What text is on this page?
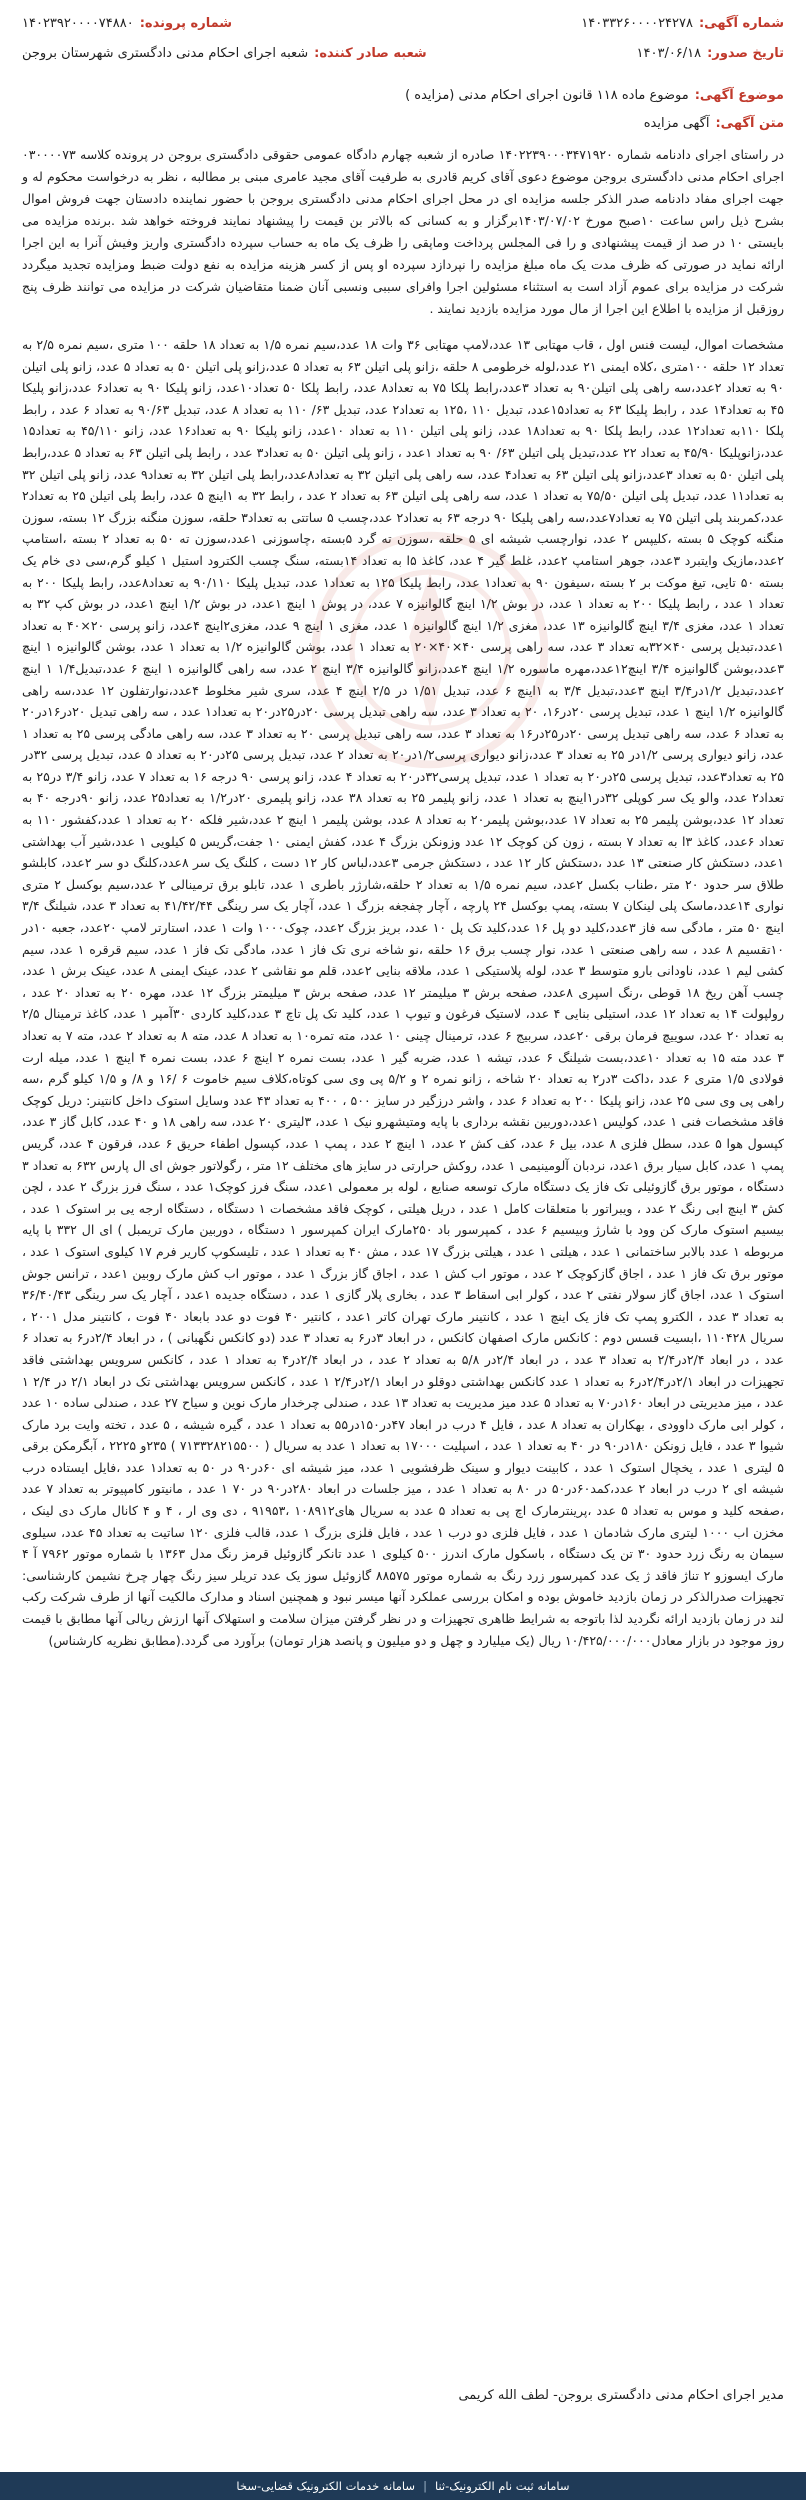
شماره آگهی:
۱۴۰۳۳۲۶۰۰۰۰۲۴۲۷۸
شماره پرونده:
۱۴۰۲۳۹۲۰۰۰۰۷۴۸۸۰
تاریخ صدور:
۱۴۰۳/۰۶/۱۸
شعبه صادر کننده:
شعبه اجرای احکام مدنی دادگستری شهرستان بروجن
موضوع آگهی:
موضوع ماده ۱۱۸ قانون اجرای احکام مدنی (مزایده )
متن آگهی:
آگهی مزایده

در راستای اجرای دادنامه شماره ۱۴۰۲۲۳۹۰۰۰۳۴۷۱۹۲۰ صادره از شعبه چهارم دادگاه عمومی حقوقی دادگستری بروجن در پرونده کلاسه ۰۳۰۰۰۰۷۳ اجرای احکام مدنی دادگستری بروجن موضوع دعوی آقای کریم قادری به طرفیت آقای مجید عامری مبنی بر مطالبه ، نظر به درخواست محکوم له و جهت اجرای مفاد دادنامه صدر الذکر جلسه مزایده ای در محل اجرای احکام مدنی دادگستری بروجن با حضور نماینده دادستان جهت فروش اموال بشرح ذیل راس ساعت ۱۰صبح مورخ ۱۴۰۳/۰۷/۰۲برگزار و به کسانی که بالاتر بن قیمت را پیشنهاد نمایند فروخته خواهد شد .برنده مزایده می بایستی ۱۰ در صد از قیمت پیشنهادی و را فی المجلس پرداخت وماپقی را ظرف یک ماه به حساب سپرده دادگستری واریز وفیش آنرا به این اجرا ارائه نماید در صورتی که ظرف مدت یک ماه مبلغ مزایده را نپردازد سپرده او پس از کسر هزینه مزایده به نفع دولت ضبط ومزایده تجدید میگردد شرکت در مزایده برای عموم آزاد است به استثناء مسئولین اجرا وافرای سببی ونسبی آنان ضمنا متقاضیان شرکت در مزایده می توانند ظرف پنج روزقبل از مزایده با اطلاع این اجرا از مال مورد مزایده بازدید نمایند .

مشخصات اموال، لیست فنس اول ، قاب مهتابی ۱۳ عدد،لامپ مهتابی ۳۶ وات ۱۸ عدد،سیم نمره ۱/۵ به تعداد ۱۸ حلقه ۱۰۰ متری ،سیم نمره ۲/۵ به تعداد ۱۲ حلقه ۱۰۰متری ،کلاه ایمنی ۲۱ عدد،لوله خرطومی ۸ حلقه ،زانو پلی اتیلن ۶۳ به تعداد ۵ عدد،زانو پلی اتیلن ۵۰ به تعداد ۵ عدد، زانو پلی اتیلن ۹۰ به تعداد ۲عدد،سه راهی پلی اتیلن۹۰ به تعداد ۳عدد،رابط پلکا ۷۵ به تعداد۸ عدد، رابط پلکا ۵۰ تعداد۱۰عدد، زانو پلیکا ۹۰ به تعداد۶ عدد،زانو پلیکا ۴۵ به تعداد۱۴ عدد ، رابط پلیکا ۶۳ به تعداد۱۵عدد، تبدیل ۱۱۰ ،۱۲۵ به تعداد۲ عدد، تبدیل ۶۳/ ۱۱۰ به تعداد ۸ عدد، تبدیل ۹۰/۶۳ به تعداد ۶ عدد ، رابط پلکا ۱۱۰به تعداد۱۲ عدد، رابط پلکا ۹۰ به تعداد۱۸ عدد، زانو پلی اتیلن ۱۱۰ به تعداد ۱۰عدد، زانو پلیکا ۹۰ به تعداد۱۶ عدد، زانو ۴۵/۱۱۰ به تعداد۱۵ عدد،زانوپلیکا ۴۵/۹۰ به تعداد ۲۲ عدد،تبدیل پلی اتیلن ۶۳/ ۹۰ به تعداد ۱عدد ، زانو پلی اتیلن ۵۰ به تعداد۳ عدد ، رابط پلی اتیلن ۶۳ به تعداد ۵ عدد،رابط پلی اتیلن ۵۰ به تعداد ۳عدد،زانو پلی اتیلن ۶۳ به تعداد۴ عدد، سه راهی پلی اتیلن ۳۲ به تعداد۸عدد،رابط پلی اتیلن ۳۲ به تعداد۹ عدد، زانو پلی اتیلن ۳۲ به تعداد۱۱ عدد، تبدیل پلی اتیلن ۷۵/۵۰ به تعداد ۱ عدد، سه راهی پلی اتیلن ۶۳ به تعداد ۲ عدد ، رابط ۳۲ به ۱اینچ ۵ عدد، رابط پلی اتیلن ۲۵ به تعداد۲ عدد،کمربند پلی اتیلن ۷۵ به تعداد۷عدد،سه راهی پلیکا ۹۰ درجه ۶۳ به تعداد۲ عدد،چسب ۵ ساتتی به تعداد۳ حلقه، سوزن منگنه بزرگ ۱۲ بسته، سوزن منگنه کوچک ۵ بسته ،کلیپس ۲ عدد، نوارچسب شیشه ای ۵ حلقه ،سوزن ته گرد ۵بسته ،چاسوزنی ۱عدد،سوزن ته ۵۰ به تعداد ۲ بسته ،استامپ ۲عدد،مازیک وایتبرد ۳عدد، جوهر استامپ ۲عدد، غلط گیر ۴ عدد، کاغذ ۵ا به تعداد ۱۴بسته، سنگ چسب الکترود استیل ۱ کیلو گرم،سی دی خام یک بسته ۵۰ تایی، تیغ موکت بر ۲ بسته ،سیفون ۹۰ به تعداد۱ عدد، رابط پلیکا ۱۲۵ به تعداد۱ عدد، تبدیل پلیکا ۹۰/۱۱۰ به تعداد۸عدد، رابط پلیکا ۲۰۰ به تعداد ۱ عدد ، رابط پلیکا ۲۰۰ به تعداد ۱ عدد، در بوش ۱/۲ اینچ گالوانیزه ۷ عدد، در پوش ۱ اینچ ۱عدد، در بوش ۱/۲ اینچ ۱عدد، در بوش کپ ۳۲ به تعداد ۱ عدد، مغزی ۳/۴ اینچ گالوانیزه ۱۳ عدد، مغزی ۱/۲ اینچ گالوانیزه ۱ عدد، مغزی ۱ اینچ ۹ عدد، مغزی۲اینچ ۴عدد، زانو پرسی ۲۰×۴۰ به تعداد ۱عدد،تبدیل پرسی ۴۰×۳۲به تعداد ۳ عدد، سه راهی پرسی ۴۰×۴۰×۲۰ به تعداد ۱ عدد، بوشن گالوانیزه ۱/۲ به تعداد ۱ عدد، بوشن گالوانیزه ۱ اینچ ۳عدد،بوشن گالوانیزه ۳/۴ اینچ۱۲عدد،مهره ماسوره ۱/۲ اینچ ۴عدد،زانو گالوانیزه ۳/۴ اینچ ۲ عدد، سه راهی گالوانیزه ۱ اینچ ۶ عدد،تبدیل۱/۴ ۱ اینچ ۲عدد،تبدیل ۱/۲در۳/۴ اینچ ۳عدد،تبدیل ۳/۴ به ۱اینچ ۶ عدد، تبدیل ۱/۵۱ در ۲/۵ اینچ ۴ عدد، سری شیر مخلوط ۴عدد،نوارتفلون ۱۲ عدد،سه راهی گالوانیزه ۱/۲ اینچ ۱ عدد، تبدیل پرسی ۲۰در۱۶، ۲۰ به تعداد ۳ عدد، سه راهی تبدیل پرسی ۲۰در۲۵در۲۰ به تعداد۱ عدد ، سه راهی تبدیل ۲۰در۱۶در۲۰ به تعداد ۶ عدد، سه راهی تبدیل پرسی ۲۰در۲۵در۱۶ به تعداد ۳ عدد، سه راهی تبدیل پرسی ۲۰ به تعداد ۳ عدد، سه راهی مادگی پرسی ۲۵ به تعداد ۱ عدد، زانو دیواری پرسی ۱/۲در ۲۵ به تعداد ۳ عدد،زانو دیواری پرسی۱/۲در۲۰ به تعداد ۲ عدد، تبدیل پرسی ۲۵در۲۰ به تعداد ۵ عدد، تبدیل پرسی ۳۲در ۲۵ به تعداد۳عدد، تبدیل پرسی ۲۵در۲۰ به تعداد ۱ عدد، تبدیل پرسی۳۲در۲۰ به تعداد ۴ عدد، زانو پرسی ۹۰ درجه ۱۶ به تعداد ۷ عدد، زانو ۳/۴ در۲۵ به تعداد۲ عدد، والو یک سر کوپلی ۳۲در۱اینچ به تعداد ۱ عدد، زانو پلیمر ۲۵ به تعداد ۳۸ عدد، زانو پلیمری ۲۰در۱/۲ به تعداد۲۵ عدد، زانو ۹۰درجه ۴۰ به تعداد ۱۲ عدد،بوشن پلیمر ۲۵ به تعداد ۱۷ عدد،بوشن پلیمر۲۰ به تعداد ۸ عدد، بوشن پلیمر ۱ اینچ ۲ عدد،شیر فلکه ۲۰ به تعداد ۱ عدد،کفشور ۱۱۰ به تعداد ۶عدد، کاغذ ۳ا به تعداد ۷ بسته ، زون کن کوچک ۱۲ عدد وزونکن بزرگ ۴ عدد، کفش ایمنی ۱۰ جفت،گریس ۵ کیلویی ۱ عدد،شیر آب بهداشتی ۱عدد، دستکش کار صنعتی ۱۳ عدد ،دستکش کار ۱۲ عدد ، دستکش جرمی ۳عدد،لباس کار ۱۲ دست ، کلنگ یک سر ۸عدد،کلنگ دو سر ۲عدد، کابلشو طلاق سر حدود ۲۰ متر ،طناب بکسل ۲عدد، سیم نمره ۱/۵ به تعداد ۲ حلقه،شارژر باطری ۱ عدد، تابلو برق ترمینالی ۲ عدد،سیم بوکسل ۲ متری نواری ۱۴عدد،ماسک پلی لینکان ۷ بسته، پمپ بوکسل ۲۴ پارچه ، آچار چفجغه بزرگ ۱ عدد، آچار یک سر رینگی ۴۱/۴۲/۴۴ به تعداد ۳ عدد، شیلنگ ۳/۴ اینچ ۵۰ متر ، مادگی سه فاز ۳عدد،کلید دو پل ۱۶ عدد،کلید تک پل ۱۰ عدد، بریز بزرگ ۲عدد، چوک۱۰۰۰ وات ۱ عدد، استارتر لامپ ۲۰عدد، جعبه ۱۰در ۱۰تقسیم ۸ عدد ، سه راهی صنعتی ۱ عدد، نوار چسب برق ۱۶ حلقه ،نو شاخه نری تک فاز ۱ عدد، مادگی تک فاز ۱ عدد، سیم قرقره ۱ عدد، سیم کشی لیم ۱ عدد، ناودانی بارو متوسط ۳ عدد، لوله پلاستیکی ۱ عدد، ملاقه بنایی ۲عدد، قلم مو نقاشی ۲ عدد، عینک ایمنی ۸ عدد، عینک برش ۱ عدد، چسب آهن ریخ ۱۸ قوطی ،رنگ اسپری ۸عدد، صفحه برش ۳ میلیمتر ۱۲ عدد، صفحه برش ۳ میلیمتر بزرگ ۱۲ عدد، مهره ۲۰ به تعداد ۲۰ عدد ، رولپولت ۱۴ به تعداد ۱۲ عدد، استیلی بنایی ۴ عدد، لاستیک فرغون و تیوپ ۱ عدد، کلید تک پل تاچ ۳ عدد،کلید کاردی ۳۰آمپر ۱ عدد، کاغذ ترمینال ۲/۵ به تعداد ۲۰ عدد، سوییچ فرمان برقی ۲۰عدد، سربیج ۶ عدد، ترمینال چینی ۱۰ عدد، مته تمره۱۰ به تعداد ۸ عدد، مته ۸ به تعداد ۲ عدد، مته ۷ به تعداد ۳ عدد مته ۱۵ به تعداد ۱۰عدد،بست شیلنگ ۶ عدد، تیشه ۱ عدد، ضربه گیر ۱ عدد، بست نمره ۲ اینچ ۶ عدد، بست نمره ۴ اینچ ۱ عدد، میله ارت فولادی ۱/۵ متری ۶ عدد ،داکت ۳در۲ به تعداد ۲۰ شاخه ، زانو نمره ۲ و ۵/۲ پی وی سی کوتاه،کلاف سیم خاموت ۶ /۱۶ و ۸/ و ۱/۵ کیلو گرم ،سه راهی پی وی سی ۲۵ عدد، زانو پلیکا ۲۰۰ به تعداد ۶ عدد ، واشر درزگیر در سایز ۵۰۰ ، ۴۰۰ به تعداد ۴۳ عدد وسایل استوک داخل کانتینر: دریل کوچک فاقد مشخصات فنی ۱ عدد، کولیس ۱عدد،دوربین نقشه برداری با پایه ومتیشهرو نیک ۱ عدد، ۳لیتری ۲۰ عدد، سه راهی ۱۸ و ۴۰ عدد، کابل گاز ۳ عدد، کپسول هوا ۵ عدد، سطل فلزی ۸ عدد، بیل ۶ عدد، کف کش ۲ عدد، ۱ اینچ ۲ عدد ، پمپ ۱ عدد، کپسول اطفاء حریق ۶ عدد، فرقون ۴ عدد، گریس پمپ ۱ عدد، کابل سیار برق ۱عدد، نردبان آلومینیمی ۱ عدد، روکش حرارتی در سایز های مختلف ۱۲ متر ، رگولاتور جوش ای ال پارس ۶۳۲ به تعداد ۳ دستگاه ، موتور برق گازوئیلی تک فاز یک دستگاه مارک توسعه صنایع ، لوله بر معمولی ۱عدد، سنگ فرز کوچک۱ عدد ، سنگ فرز بزرگ ۲ عدد ، لچن کش ۳ اینچ ابی رنگ ۲ عدد ، ویبراتور با متعلقات کامل ۱ عدد ، دریل هیلتی ، کوچک فاقد مشخصات ۱ دستگاه ، دستگاه ارجه یی بر استوک ۱ عدد ، بیسیم استوک مارک کن وود با شارژ وبیسیم ۶ عدد ، کمپرسور باد ۲۵۰مارک ایران کمپرسور ۱ دستگاه ، دوربین مارک تریمبل ) ای ال ۳۳۲ با پایه مربوطه ۱ عدد بالابر ساختمانی ۱ عدد ، هیلتی ۱ عدد ، هیلتی بزرگ ۱۷ عدد ، مش ۴۰ به تعداد ۱ عدد ، تلیسکوپ کاریر فرم ۱۷ کیلوی استوک ۱ عدد ، موتور برق تک فاز ۱ عدد ، اجاق گازکوچک ۲ عدد ، موتور اب کش ۱ عدد ، اجاق گاز بزرگ ۱ عدد ، موتور اب کش مارک روبین ۱عدد ، ترانس جوش استوک ۱ عدد، اجاق گاز سولار نفتی ۲ عدد ، کولر ابی اسقاط ۳ عدد ، بخاری پلار گازی ۱ عدد ، دستگاه جدیده ۱عدد ، آچار یک سر رینگی ۳۶/۴۰/۴۳ به تعداد ۳ عدد ، الکترو پمپ تک فاز یک اینچ ۱ عدد ، کانتینر مارک تهران کاتر ۱عدد ، کانتیر ۴۰ فوت دو عدد بابعاد ۴۰ فوت ، کانتینر مدل ۲۰۰۱ ، سریال ۱۱۰۴۲۸ ،ابسیت قسس دوم : کانکس مارک اصفهان کانکس ، در ابعاد ۳در۶ به تعداد ۳ عدد (دو کانکس نگهبانی ) ، در ابعاد ۲/۴در۶ به تعداد ۶ عدد ، در ابعاد ۲/۴در۲/۴ به تعداد ۳ عدد ، در ابعاد ۲/۴در ۵/۸ به تعداد ۲ عدد ، در ابعاد ۲/۴در۴ به تعداد ۱ عدد ، کانکس سرویس بهداشتی فاقد تجهیزات در ابعاد ۲/۱در۲/۴در۶ به تعداد ۱ عدد کانکس بهداشتی دوقلو در ابعاد ۲/۱در۲/۴ ۱ عدد ، کانکس سرویس بهداشتی تک در ابعاد ۲/۱ در ۲/۴ ۱ عدد ، میز مدیریتی در ابعاد ۱۶۰در۷۰ به تعداد ۵ عدد میز مدیریت به تعداد ۱۳ عدد ، صندلی چرخدار مارک نوین و سیاح ۲۷ عدد ، صندلی ساده ۱۰ عدد ، کولر ابی مارک داوودی ، بهکاران به تعداد ۸ عدد ، فایل ۴ درب در ابعاد ۴۷در۱۵۰در۵۵ به تعداد ۱ عدد ، گیره شیشه ، ۵ عدد ، تخته وایت برد مارک شیوا ۳ عدد ، فایل زونکن ۱۸۰در۹۰ در ۴۰ به تعداد ۱ عدد ، اسپلیت ۱۷۰۰۰ به تعداد ۱ عدد به سریال ( ۷۱۳۳۲۸۲۱۵۵۰۰ ) ۲۳۵و ۲۲۲۵ ، آبگرمکن برقی ۵ لیتری ۱ عدد ، یخچال استوک ۱ عدد ، کابینت دیوار و سینک ظرفشویی ۱ عدد، میز شیشه ای ۶۰در۹۰ در ۵۰ به تعداد۱ عدد ،فایل ایستاده درب شیشه ای ۲ درب در ابعاد ۲ عدد،کمد۶۰در۵۰ در ۸۰ به تعداد ۱ عدد ، میز جلسات در ابعاد ۲۸۰در۹۰ در ۷۰ ۱ عدد ، مانیتور کامپیوتر به تعداد ۷ عدد ،صفحه کلید و موس به تعداد ۵ عدد ،پرینترمارک اچ پی به تعداد ۵ عدد به سریال های۱۰۸۹۱۲ ،۹۱۹۵۳ ، دی وی ار ، ۴ و ۴ کانال مارک دی لینک ، مخزن اب ۱۰۰۰ لیتری مارک شادمان ۱ عدد ، فایل فلزی دو درب ۱ عدد ، فایل فلزی بزرگ ۱ عدد، قالب فلزی ۱۲۰ ساتیت به تعداد ۴۵ عدد، سیلوی سیمان به رنگ زرد حدود ۳۰ تن یک دستگاه ، باسکول مارک اندرز ۵۰۰ کیلوی ۱ عدد تانکر گازوئیل قرمز رنگ مدل ۱۳۶۳ با شماره موتور ۷۹۶۲ آ ۴ مارک ایسوزو ۲ تناژ فاقد ژ یک عدد کمپرسور زرد رنگ به شماره موتور ۸۸۵۷۵ گازوئیل سوز یک عدد تریلر سیز رنگ چهار چرخ نشیمن کارشناسی: تجهیزات صدرالذکر در زمان بازدید خاموش بوده و امکان بررسی عملکرد آنها میسر نبود و همچنین اسناد و مدارک مالکیت آنها از طرف شرکت رکب لند در زمان بازدید ارائه نگردید لذا باتوجه به شرایط ظاهری تجهیزات و در نظر گرفتن میزان سلامت و استهلاک آنها ارزش ریالی آنها مطابق با قیمت روز موجود در بازار معادل۱۰/۴۲۵/۰۰۰/۰۰۰ ریال (یک میلیارد و چهل و دو میلیون و پانصد هزار تومان) برآورد می گردد.(مطابق نظریه کارشناس)

مدیر اجرای احکام مدنی دادگستری بروجن- لطف الله کریمی
سامانه ثبت نام الکترونیک-ثنا
|
سامانه خدمات الکترونیک قضایی-سخا
